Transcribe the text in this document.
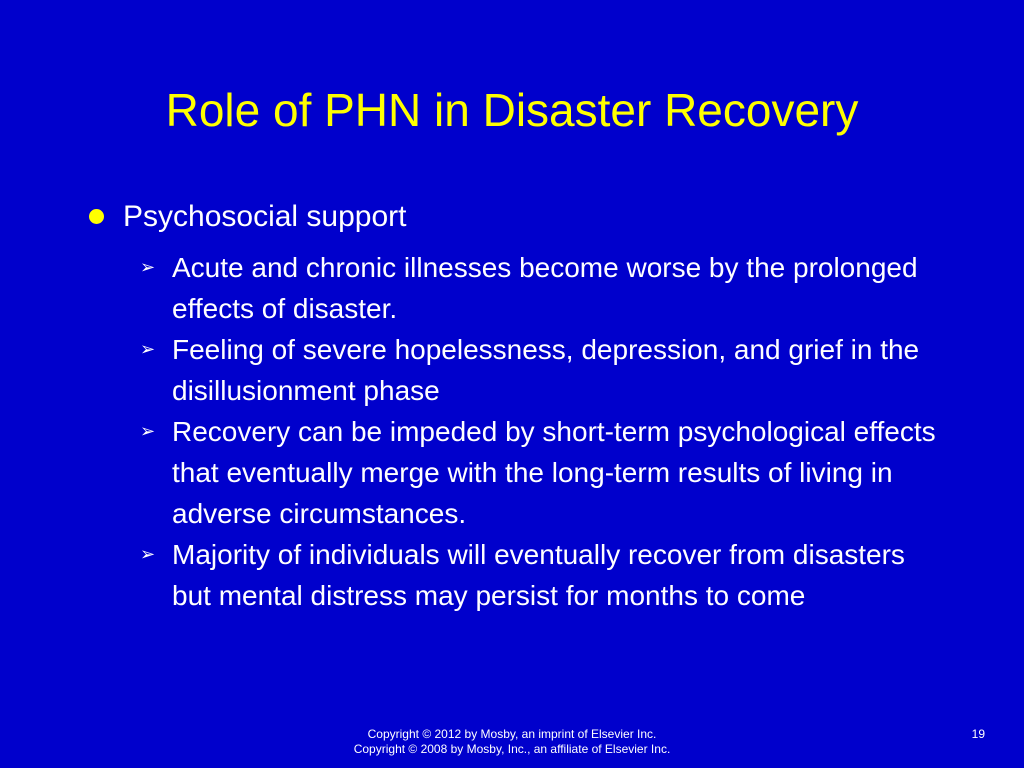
Role of PHN in Disaster Recovery
Psychosocial support
➢ Acute and chronic illnesses become worse by the prolonged effects of disaster.
➢ Feeling of severe hopelessness, depression, and grief in the disillusionment phase
➢ Recovery can be impeded by short-term psychological effects that eventually merge with the long-term results of living in adverse circumstances.
➢ Majority of individuals will eventually recover from disasters but mental distress may persist for months to come
Copyright © 2012 by Mosby, an imprint of Elsevier Inc.
Copyright © 2008 by Mosby, Inc., an affiliate of Elsevier Inc.
19
